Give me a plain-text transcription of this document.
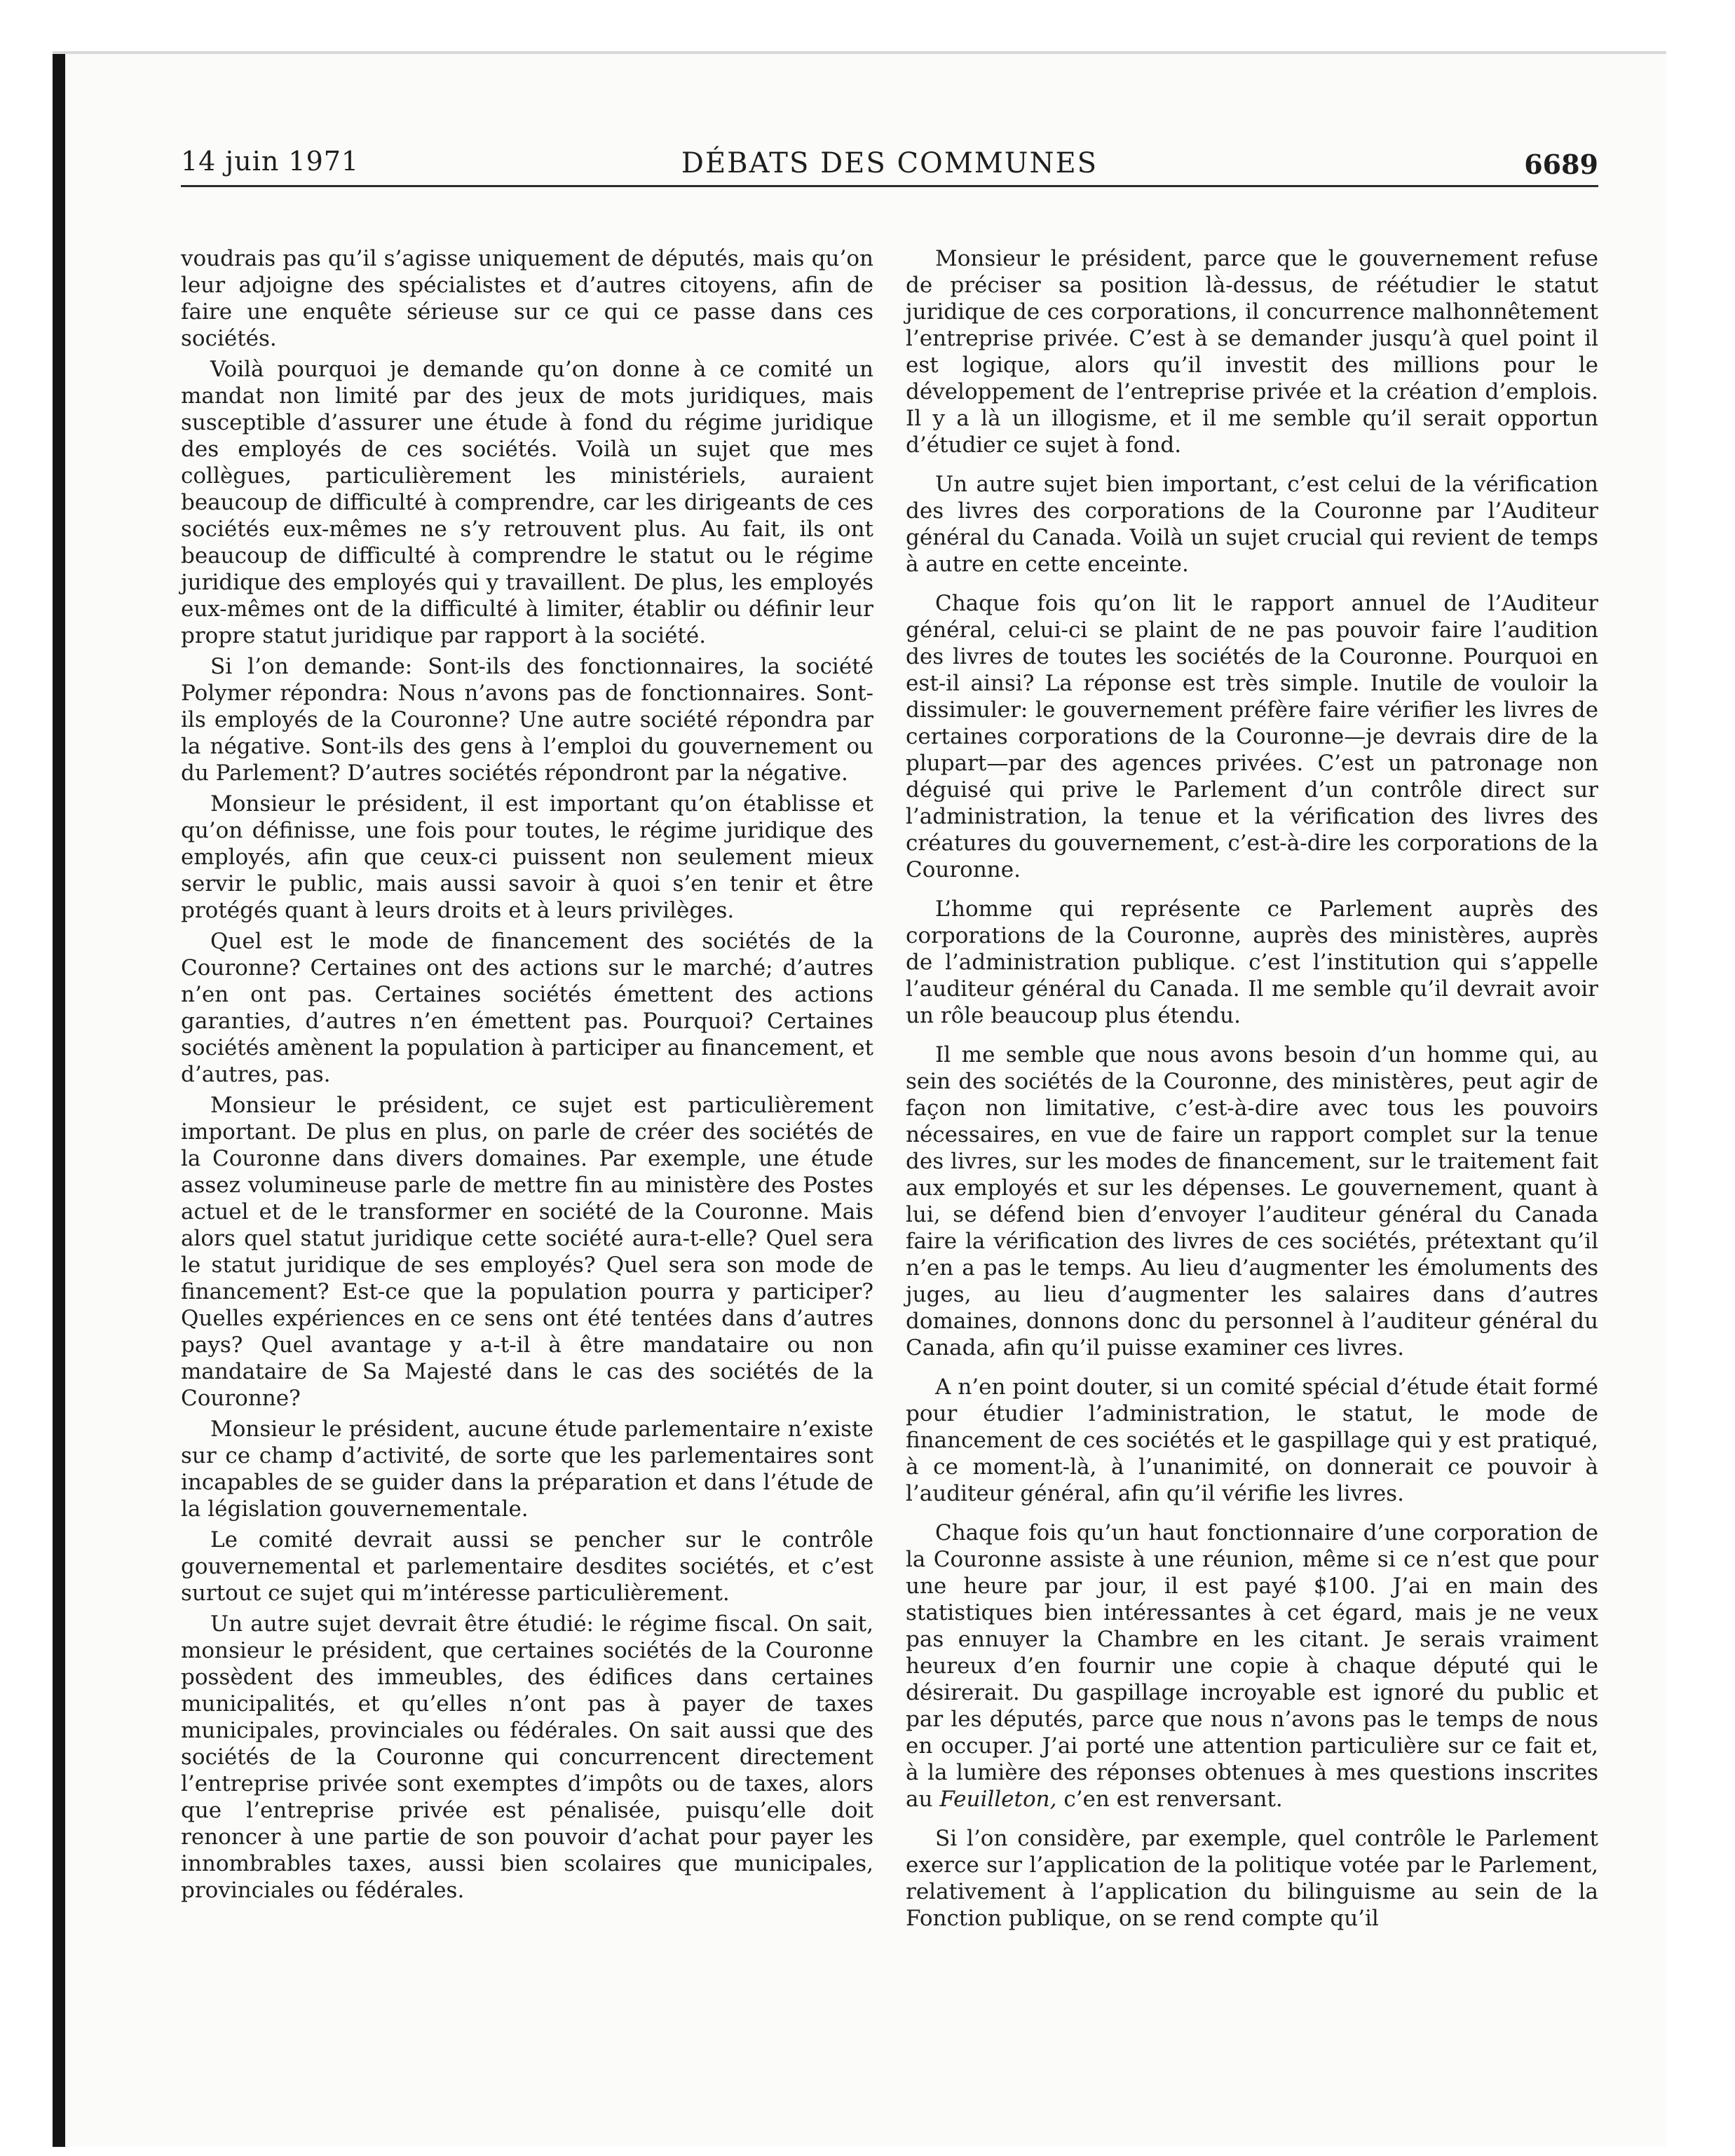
14 juin 1971	DÉBATS DES COMMUNES	6689

voudrais pas qu’il s’agisse uniquement de députés, mais qu’on leur adjoigne des spécialistes et d’autres citoyens, afin de faire une enquête sérieuse sur ce qui ce passe dans ces sociétés.

Voilà pourquoi je demande qu’on donne à ce comité un mandat non limité par des jeux de mots juridiques, mais susceptible d’assurer une étude à fond du régime juridique des employés de ces sociétés. Voilà un sujet que mes collègues, particulièrement les ministériels, auraient beaucoup de difficulté à comprendre, car les dirigeants de ces sociétés eux-mêmes ne s’y retrouvent plus. Au fait, ils ont beaucoup de difficulté à comprendre le statut ou le régime juridique des employés qui y travaillent. De plus, les employés eux-mêmes ont de la difficulté à limiter, établir ou définir leur propre statut juridique par rapport à la société.

Si l’on demande: Sont-ils des fonctionnaires, la société Polymer répondra: Nous n’avons pas de fonctionnaires. Sont-ils employés de la Couronne? Une autre société répondra par la négative. Sont-ils des gens à l’emploi du gouvernement ou du Parlement? D’autres sociétés répondront par la négative.

Monsieur le président, il est important qu’on établisse et qu’on définisse, une fois pour toutes, le régime juridique des employés, afin que ceux-ci puissent non seulement mieux servir le public, mais aussi savoir à quoi s’en tenir et être protégés quant à leurs droits et à leurs privilèges.

Quel est le mode de financement des sociétés de la Couronne? Certaines ont des actions sur le marché; d’autres n’en ont pas. Certaines sociétés émettent des actions garanties, d’autres n’en émettent pas. Pourquoi? Certaines sociétés amènent la population à participer au financement, et d’autres, pas.

Monsieur le président, ce sujet est particulièrement important. De plus en plus, on parle de créer des sociétés de la Couronne dans divers domaines. Par exemple, une étude assez volumineuse parle de mettre fin au ministère des Postes actuel et de le transformer en société de la Couronne. Mais alors quel statut juridique cette société aura-t-elle? Quel sera le statut juridique de ses employés? Quel sera son mode de financement? Est-ce que la population pourra y participer? Quelles expériences en ce sens ont été tentées dans d’autres pays? Quel avantage y a-t-il à être mandataire ou non mandataire de Sa Majesté dans le cas des sociétés de la Couronne?

Monsieur le président, aucune étude parlementaire n’existe sur ce champ d’activité, de sorte que les parlementaires sont incapables de se guider dans la préparation et dans l’étude de la législation gouvernementale.

Le comité devrait aussi se pencher sur le contrôle gouvernemental et parlementaire desdites sociétés, et c’est surtout ce sujet qui m’intéresse particulièrement.

Un autre sujet devrait être étudié: le régime fiscal. On sait, monsieur le président, que certaines sociétés de la Couronne possèdent des immeubles, des édifices dans certaines municipalités, et qu’elles n’ont pas à payer de taxes municipales, provinciales ou fédérales. On sait aussi que des sociétés de la Couronne qui concurrencent directement l’entreprise privée sont exemptes d’impôts ou de taxes, alors que l’entreprise privée est pénalisée, puisqu’elle doit renoncer à une partie de son pouvoir d’achat pour payer les innombrables taxes, aussi bien scolaires que municipales, provinciales ou fédérales.

Monsieur le président, parce que le gouvernement refuse de préciser sa position là-dessus, de réétudier le statut juridique de ces corporations, il concurrence malhonnêtement l’entreprise privée. C’est à se demander jusqu’à quel point il est logique, alors qu’il investit des millions pour le développement de l’entreprise privée et la création d’emplois. Il y a là un illogisme, et il me semble qu’il serait opportun d’étudier ce sujet à fond.

Un autre sujet bien important, c’est celui de la vérification des livres des corporations de la Couronne par l’Auditeur général du Canada. Voilà un sujet crucial qui revient de temps à autre en cette enceinte.

Chaque fois qu’on lit le rapport annuel de l’Auditeur général, celui-ci se plaint de ne pas pouvoir faire l’audition des livres de toutes les sociétés de la Couronne. Pourquoi en est-il ainsi? La réponse est très simple. Inutile de vouloir la dissimuler: le gouvernement préfère faire vérifier les livres de certaines corporations de la Couronne—je devrais dire de la plupart—par des agences privées. C’est un patronage non déguisé qui prive le Parlement d’un contrôle direct sur l’administration, la tenue et la vérification des livres des créatures du gouvernement, c’est-à-dire les corporations de la Couronne.

L’homme qui représente ce Parlement auprès des corporations de la Couronne, auprès des ministères, auprès de l’administration publique. c’est l’institution qui s’appelle l’auditeur général du Canada. Il me semble qu’il devrait avoir un rôle beaucoup plus étendu.

Il me semble que nous avons besoin d’un homme qui, au sein des sociétés de la Couronne, des ministères, peut agir de façon non limitative, c’est-à-dire avec tous les pouvoirs nécessaires, en vue de faire un rapport complet sur la tenue des livres, sur les modes de financement, sur le traitement fait aux employés et sur les dépenses. Le gouvernement, quant à lui, se défend bien d’envoyer l’auditeur général du Canada faire la vérification des livres de ces sociétés, prétextant qu’il n’en a pas le temps. Au lieu d’augmenter les émoluments des juges, au lieu d’augmenter les salaires dans d’autres domaines, donnons donc du personnel à l’auditeur général du Canada, afin qu’il puisse examiner ces livres.

A n’en point douter, si un comité spécial d’étude était formé pour étudier l’administration, le statut, le mode de financement de ces sociétés et le gaspillage qui y est pratiqué, à ce moment-là, à l’unanimité, on donnerait ce pouvoir à l’auditeur général, afin qu’il vérifie les livres.

Chaque fois qu’un haut fonctionnaire d’une corporation de la Couronne assiste à une réunion, même si ce n’est que pour une heure par jour, il est payé $100. J’ai en main des statistiques bien intéressantes à cet égard, mais je ne veux pas ennuyer la Chambre en les citant. Je serais vraiment heureux d’en fournir une copie à chaque député qui le désirerait. Du gaspillage incroyable est ignoré du public et par les députés, parce que nous n’avons pas le temps de nous en occuper. J’ai porté une attention particulière sur ce fait et, à la lumière des réponses obtenues à mes questions inscrites au Feuilleton, c’en est renversant.

Si l’on considère, par exemple, quel contrôle le Parlement exerce sur l’application de la politique votée par le Parlement, relativement à l’application du bilinguisme au sein de la Fonction publique, on se rend compte qu’il
